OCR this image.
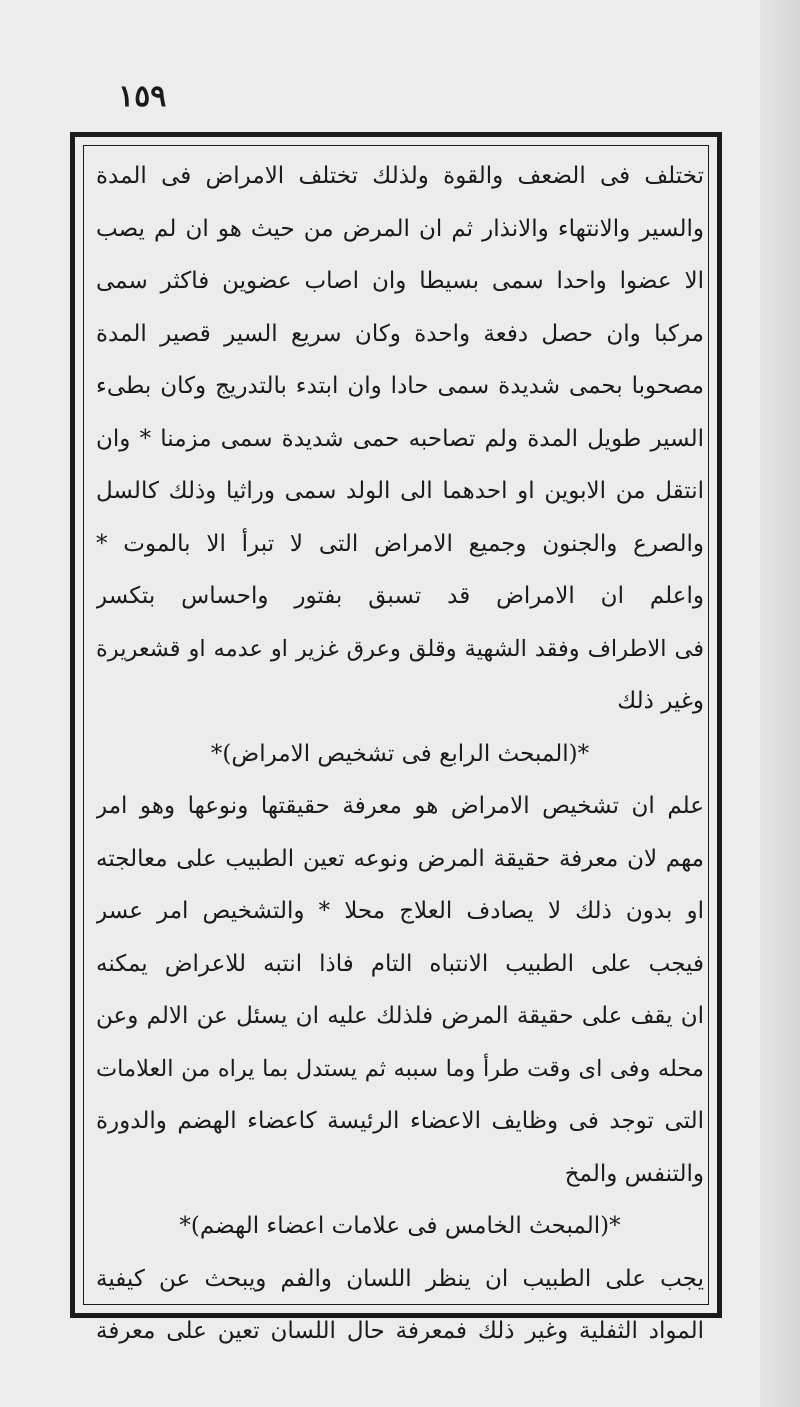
١٥٩
تختلف فی الضعف والقوة ولذلك تختلف الامراض فی المدة
والسیر والانتهاء والانذار ثم ان المرض من حیث هو ان لم یصب
الا عضوا واحدا سمی بسیطا وان اصاب عضوین فاکثر سمی
مرکبا وان حصل دفعة واحدة وکان سریع السیر قصیر المدة
مصحوبا بحمی شدیدة سمی حادا وان ابتدء بالتدریج وکان بطیء
السیر طویل المدة ولم تصاحبه حمی شدیدة سمی مزمنا * وان
انتقل من الابوین او احدهما الی الولد سمی وراثیا وذلك کالسل
والصرع والجنون وجمیع الامراض التی لا تبرأ الا بالموت *
واعلم ان الامراض قد تسبق بفتور واحساس بتکسر
فی الاطراف وفقد الشهیة وقلق وعرق غزیر او عدمه او قشعریرة
وغیر ذلك
*(المبحث الرابع فی تشخیص الامراض)*
علم ان تشخیص الامراض هو معرفة حقیقتها ونوعها وهو امر
مهم لان معرفة حقیقة المرض ونوعه تعین الطبیب علی معالجته
او بدون ذلك لا یصادف العلاج محلا * والتشخیص امر عسر
فیجب علی الطبیب الانتباه التام فاذا انتبه للاعراض یمکنه
ان یقف علی حقیقة المرض فلذلك علیه ان یسئل عن الالم وعن
محله وفی ای وقت طرأ وما سببه ثم یستدل بما یراه من العلامات
التی توجد فی وظایف الاعضاء الرئیسة کاعضاء الهضم والدورة
والتنفس والمخ
*(المبحث الخامس فی علامات اعضاء الهضم)*
یجب علی الطبیب ان ینظر اللسان والفم ویبحث عن کیفیة
المواد الثفلیة وغیر ذلك فمعرفة حال اللسان تعین علی معرفة
